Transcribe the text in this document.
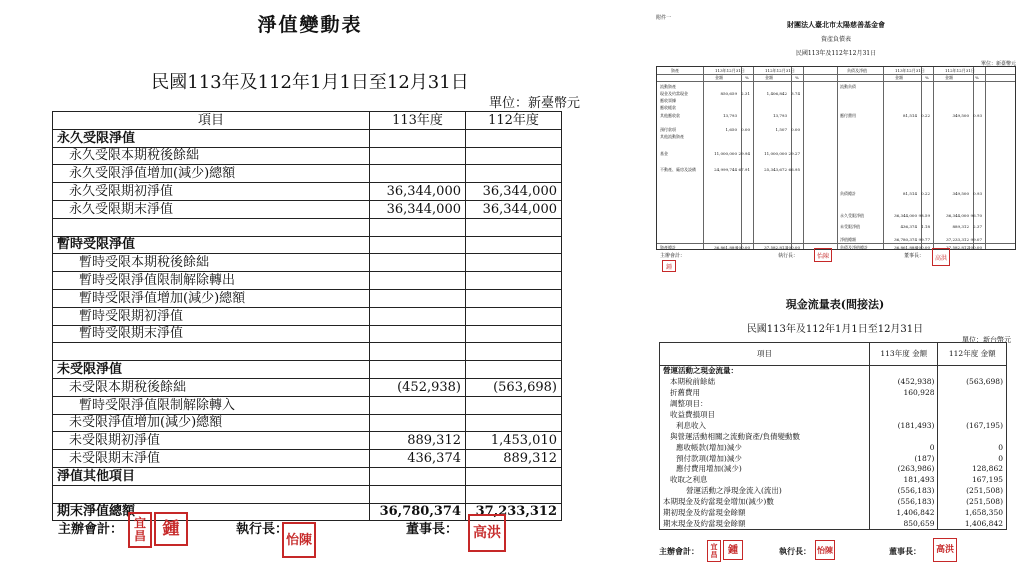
淨值變動表
民國113年及112年1月1日至12月31日
單位：新臺幣元
項目	113年度	112年度
永久受限淨值		
永久受限本期稅後餘絀		
永久受限淨值增加(減少)總額		
永久受限期初淨值	36,344,000	36,344,000
永久受限期末淨值	36,344,000	36,344,000

暫時受限淨值		
暫時受限本期稅後餘絀		
暫時受限淨值限制解除轉出		
暫時受限淨值增加(減少)總額		
暫時受限期初淨值		
暫時受限期末淨值		

未受限淨值		
未受限本期稅後餘絀	(452,938)	(563,698)
暫時受限淨值限制解除轉入		
未受限淨值增加(減少)總額		
未受限期初淨值	889,312	1,453,010
未受限期末淨值	436,374	889,312
淨值其他項目		

期末淨值總額	36,780,374	37,233,312
主辦會計： 宜昌 鍾	執行長：
怡陳
董事長：	高洪
附件一
財團法人臺北市太陽慈善基金會
資產負債表
民國113年及112年12月31日
單位：新臺幣元
資產	113年12月31日	112年12月31日	負債及淨值	113年12月31日	112年12月31日
金額	%	金額	%	金額	%	金額	%
流動資產
現金及約當現金	850,659 2.31	1,406,842 3.74
應收票據
應收帳款
其他應收款	13,793	13,793
預付款項	1,650 0.00	1,507 0.00
其他流動資產
基金	11,000,000 29.94	11,000,000 29.27
不動產、廠房及設備	24,999,744 67.91	25,343,672 66.95
資產總計	36,861,889 100.00	37,582,813 100.00
流動負債
應付費用	81,514 0.22	349,500 0.93
負債總計	81,514 0.22	349,500 0.93
永久受限淨值	36,344,000 98.59	36,344,000 96.70
未受限淨值	436,374 1.18	889,312 2.37
淨值總額	36,780,374 99.77	37,233,312 99.07
負債及淨值總計	36,861,888 100.00	37,582,812 100.00
主辦會計：
鍾
執行長：	怡陳	董事長：	高洪
現金流量表(間接法)
民國113年及112年1月1日至12月31日
單位：新台幣元
項目	113年度 金額	112年度 金額
營運活動之現金流量：		
本期稅前餘絀	(452,938)	(563,698)
折舊費用	160,928	
調整項目：		
收益費損項目		
利息收入	(181,493)	(167,195)
與營運活動相關之流動資產/負債變動數		
應收帳款(增加)減少	0	0
預付款項(增加)減少	(187)	0
應付費用增加(減少)	(263,986)	128,862
收取之利息	181,493	167,195
營運活動之淨現金流入(流出)	(556,183)	(251,508)
本期現金及約當現金增加(減少)數	(556,183)	(251,508)
期初現金及約當現金餘額	1,406,842	1,658,350
期末現金及約當現金餘額	850,659	1,406,842
主辦會計：	宜昌	鍾	執行長： 怡陳	董事長：	高洪
